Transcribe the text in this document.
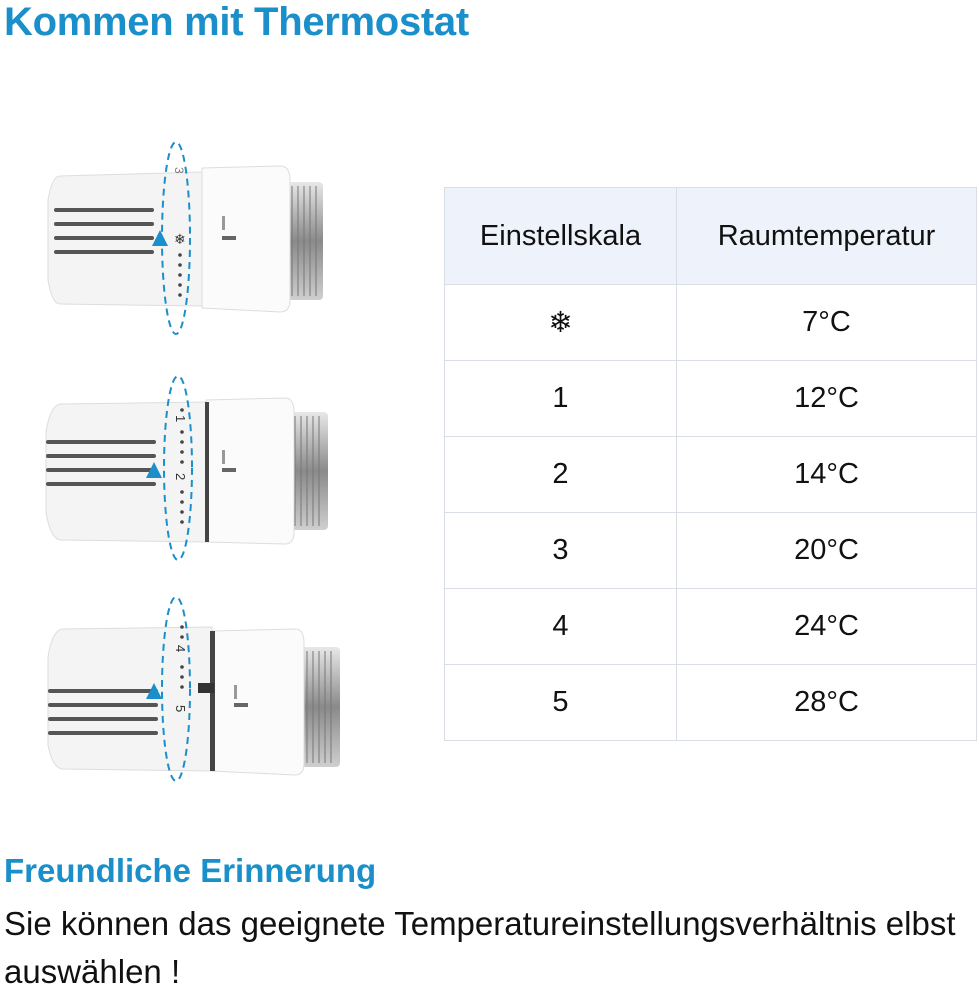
Kommen mit Thermostat
❄
3
1
2
4
5
Einstellskala	Raumtemperatur
❄	7°C
1	12°C
2	14°C
3	20°C
4	24°C
5	28°C
Freundliche Erinnerung

Sie können das geeignete Temperatureinstellungsverhältnis elbst auswählen !
